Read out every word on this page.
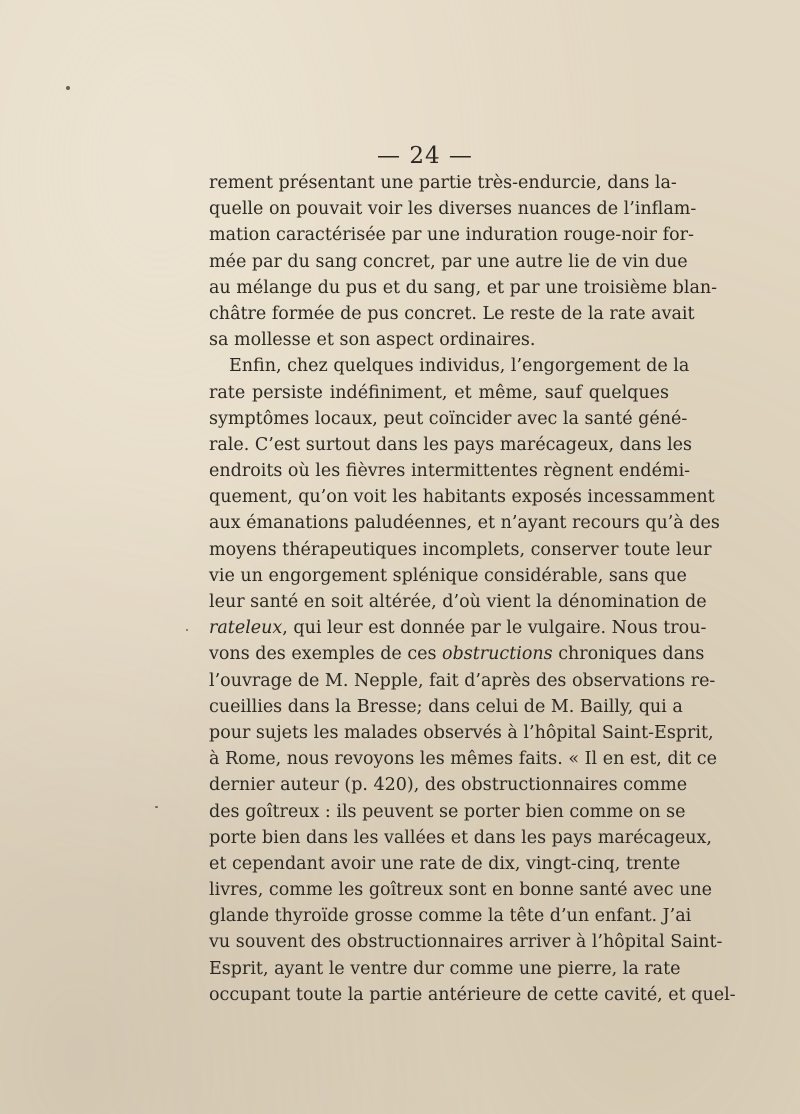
— 24 —
rement présentant une partie très-endurcie, dans la-
quelle on pouvait voir les diverses nuances de l’inflam-
mation caractérisée par une induration rouge-noir for-
mée par du sang concret, par une autre lie de vin due
au mélange du pus et du sang, et par une troisième blan-
châtre formée de pus concret. Le reste de la rate avait
sa mollesse et son aspect ordinaires.
Enfin, chez quelques individus, l’engorgement de la
rate persiste indéfiniment, et même, sauf quelques
symptômes locaux, peut coïncider avec la santé géné-
rale. C’est surtout dans les pays marécageux, dans les
endroits où les fièvres intermittentes règnent endémi-
quement, qu’on voit les habitants exposés incessamment
aux émanations paludéennes, et n’ayant recours qu’à des
moyens thérapeutiques incomplets, conserver toute leur
vie un engorgement splénique considérable, sans que
leur santé en soit altérée, d’où vient la dénomination de
rateleux, qui leur est donnée par le vulgaire. Nous trou-
vons des exemples de ces obstructions chroniques dans
l’ouvrage de M. Nepple, fait d’après des observations re-
cueillies dans la Bresse; dans celui de M. Bailly, qui a
pour sujets les malades observés à l’hôpital Saint-Esprit,
à Rome, nous revoyons les mêmes faits. « Il en est, dit ce
dernier auteur (p. 420), des obstructionnaires comme
des goîtreux : ils peuvent se porter bien comme on se
porte bien dans les vallées et dans les pays marécageux,
et cependant avoir une rate de dix, vingt-cinq, trente
livres, comme les goîtreux sont en bonne santé avec une
glande thyroïde grosse comme la tête d’un enfant. J’ai
vu souvent des obstructionnaires arriver à l’hôpital Saint-
Esprit, ayant le ventre dur comme une pierre, la rate
occupant toute la partie antérieure de cette cavité, et quel-
